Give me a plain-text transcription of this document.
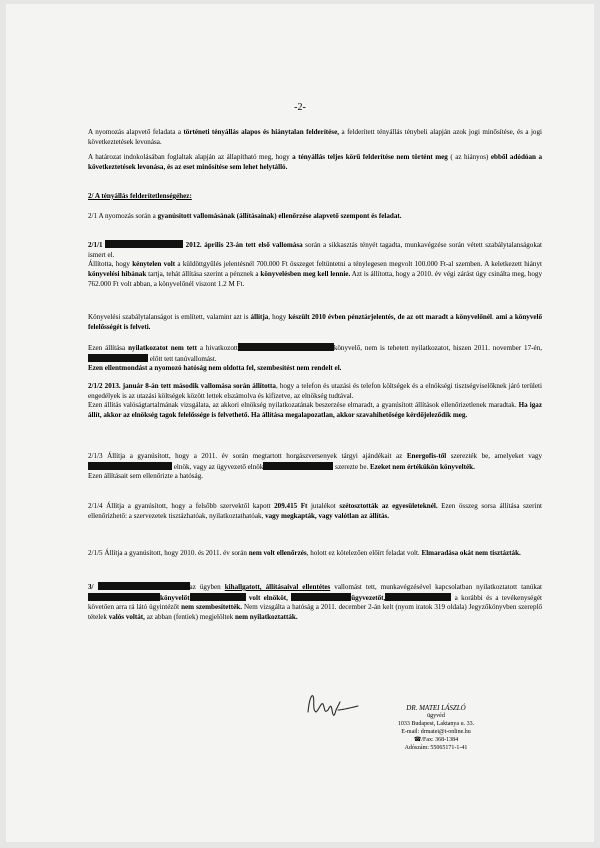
-2-
A nyomozás alapvető feladata a történeti tényállás alapos és hiánytalan felderítése, a felderített tényállás ténybeli alapján azok jogi minősítése, és a jogi következtetések levonása.
A határozat indokolásában foglaltak alapján az állapítható meg, hogy a tényállás teljes körű felderítése nem történt meg ( az hiányos) ebből adódóan a következtetések levonása, és az eset minősítése sem lehet helytálló.
2/ A tényállás felderítetlenségéhez:
2/1 A nyomozás során a gyanúsított vallomásának (állításainak) ellenőrzése alapvető szempont és feladat.
2/1/1	2012. április 23-án tett első vallomása során a sikkasztás tényét tagadta, munkavégzése során vétett szabálytalanságokat ismert el.
Állította, hogy kénytelen volt a küldöttgyűlés jelentésnél 700.000 Ft összeget feltüntetni a ténylegesen megvolt 100.000 Ft-al szemben. A keletkezett hiányt könyvelési hibának tartja, tehát állítása szerint a pénznek a könyvelésben meg kell lennie. Azt is állította, hogy a 2010. év végi zárást úgy csinálta meg, hogy 762.000 Ft volt abban, a könyvelőnél viszont 1.2 M Ft.
Könyvelési szabálytalanságot is említett, valamint azt is állítja, hogy készült 2010 évben pénztárjelentés, de az ott maradt a könyvelőnél. ami a könyvelő felelősségét is felveti.
Ezen állítása nyilatkozatot nem tett a hivatkozott	könyvelő, nem is tehetett nyilatkozatot, hiszen 2011. november 17-én, előtt tett tanúvallomást.
Ezen ellentmondást a nyomozó hatóság nem oldotta fel, szembesítést nem rendelt el.
2/1/2 2013. január 8-án tett második vallomása során állította, hogy a telefon és utazási és telefon költségek és a elnökségi tisztségviselőknek járó területi engedélyek is az utazási költségek között lettek elszámolva és kifizetve, az elnökség tudtával.
Ezen állítás valóságtartalmának vizsgálata, az akkori elnökség nyilatkozatának beszerzése elmaradt, a gyanúsított állítások ellenőrizetlenek maradtak. Ha igaz állít, akkor az elnökség tagok felelőssége is felvethető. Ha állítása megalapozatlan, akkor szavahihetősége kérdőjeleződik meg.
2/1/3 Állítja a gyanúsított, hogy a 2011. év során megtartott horgászversenyek tárgyi ajándékait az Energofis-től szerezték be, amelyeket vagy elnök, vagy az ügyvezető elnök	szerezte be. Ezeket nem értékükön könyvelték.
Ezen állításait sem ellenőrizte a hatóság.
2/1/4 Állítja a gyanúsított, hogy a felsőbb szervektől kapott 209.415 Ft jutalékot szétosztották az egyesületeknél. Ezen összeg sorsa állítása szerint ellenőrizhető: a szervezetek tisztázhatóak, nyilatkoztathatóak, vagy megkapták, vagy valótlan az állítás.
2/1/5 Állítja a gyanúsított, hogy 2010. és 2011. év során nem volt ellenőrzés, holott ez kötelezően előírt feladat volt. Elmaradása okát nem tisztázták.
3/	az ügyben kihallgatott, állításaival ellentétes vallomást tett, munkavégzésével kapcsolatban nyilatkoztatott tanúkatkönyvelőt	volt elnököt,	ügyvezetőt,	a korábbi és a tevékenységét követően arra rá látó ügyintézőt nem szembesítették. Nem vizsgálta a hatóság a 2011. december 2-án kelt (nyom iratok 319 oldala) Jegyzőkönyvben szereplő tételek valós voltát, az abban (fentiek) megjelöltek nem nyilatkoztatták.
DR. MATEI LÁSZLÓ
ügyvéd
1033 Budapest, Laktanya u. 33.
E-mail: drmatei@t-online.hu
☎/Fax: 368-1384
Adószám: 55065171-1-41
